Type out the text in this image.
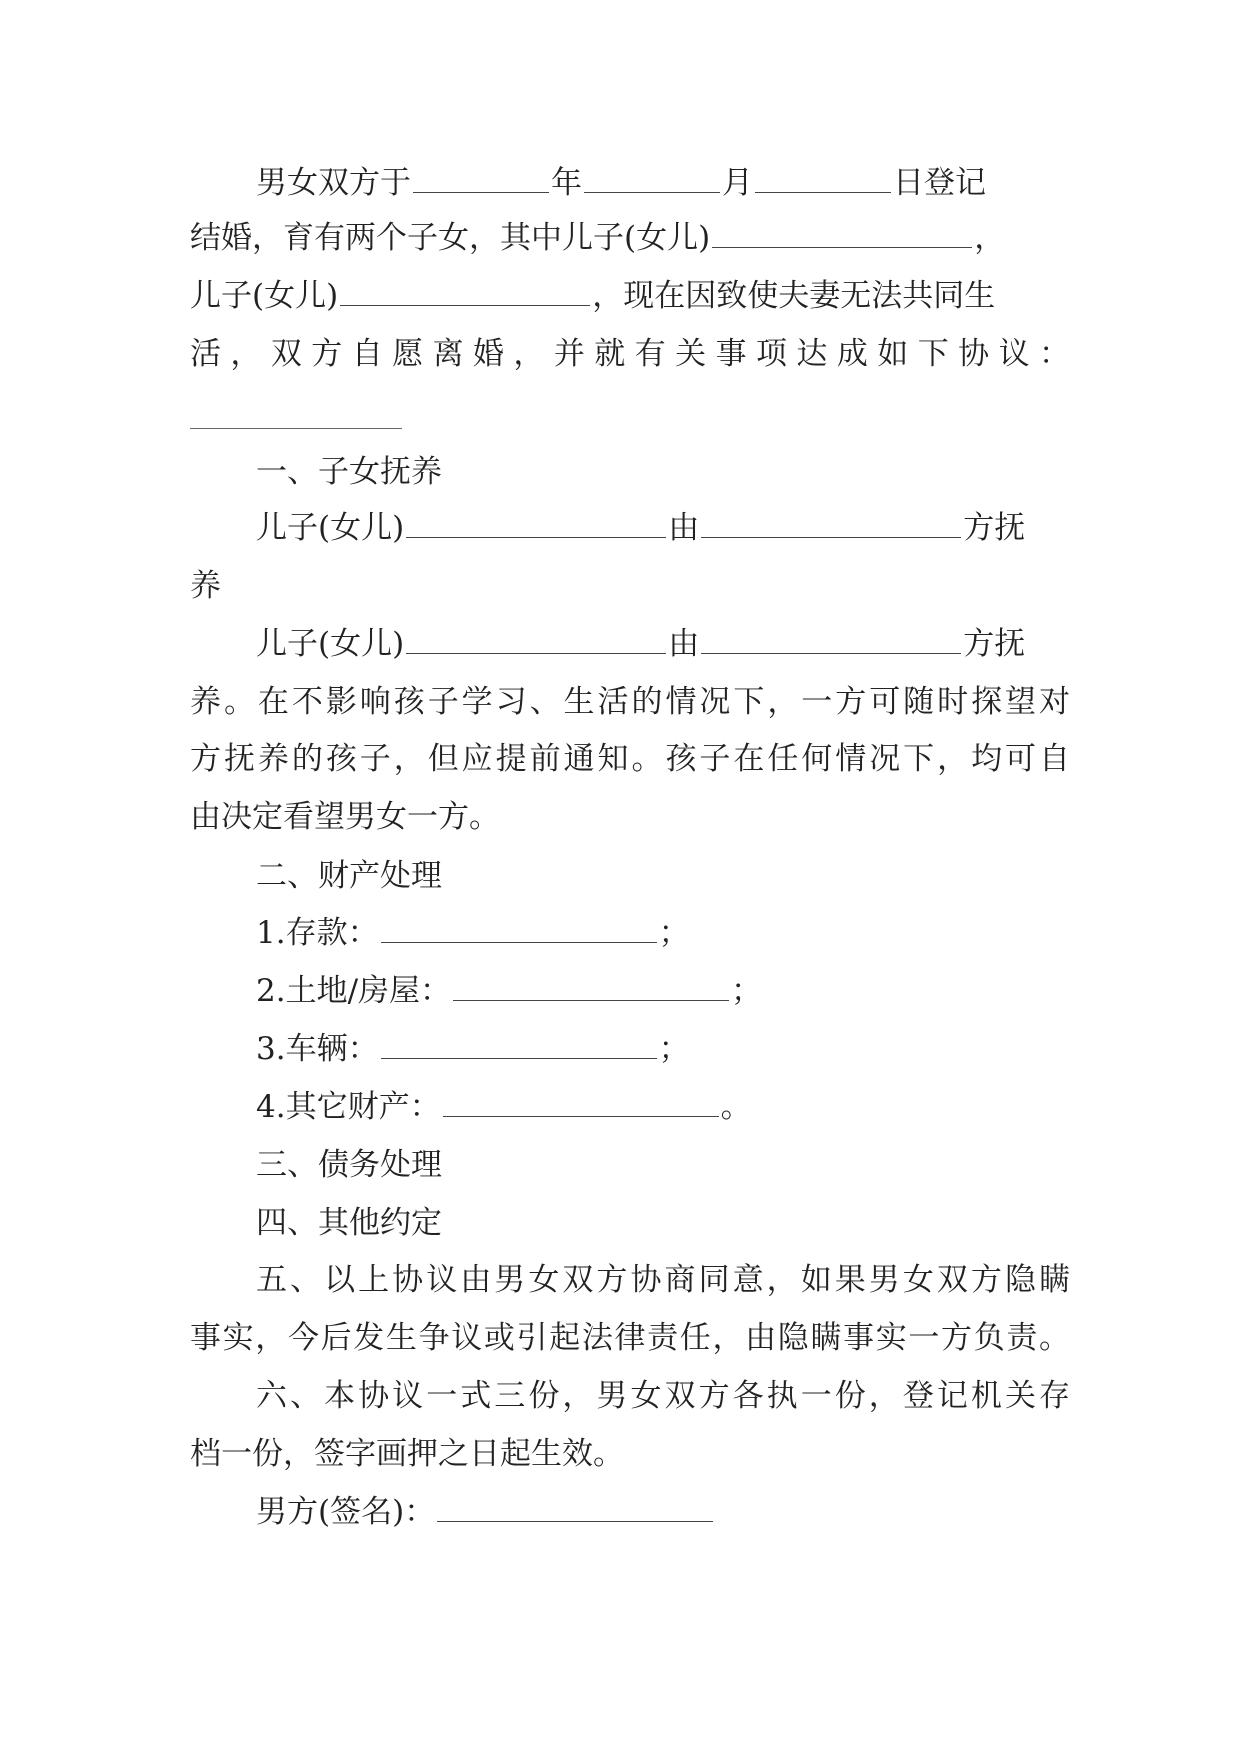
男女双方于	年	月	日登记
结婚，育有两个子女，其中儿子(女儿)	，
儿子(女儿)	，现在因致使夫妻无法共同生
活，双方自愿离婚，并就有关事项达成如下协议：
一、子女抚养
儿子(女儿)	由	方抚
养
儿子(女儿)	由	方抚
养。在不影响孩子学习、生活的情况下，一方可随时探望对
方抚养的孩子，但应提前通知。孩子在任何情况下，均可自
由决定看望男女一方。
二、财产处理
1.存款：	；
2.土地/房屋：	；
3.车辆：	；
4.其它财产：	。
三、债务处理
四、其他约定
五、以上协议由男女双方协商同意，如果男女双方隐瞒
事实，今后发生争议或引起法律责任，由隐瞒事实一方负责。
六、本协议一式三份，男女双方各执一份，登记机关存
档一份，签字画押之日起生效。
男方(签名)：
